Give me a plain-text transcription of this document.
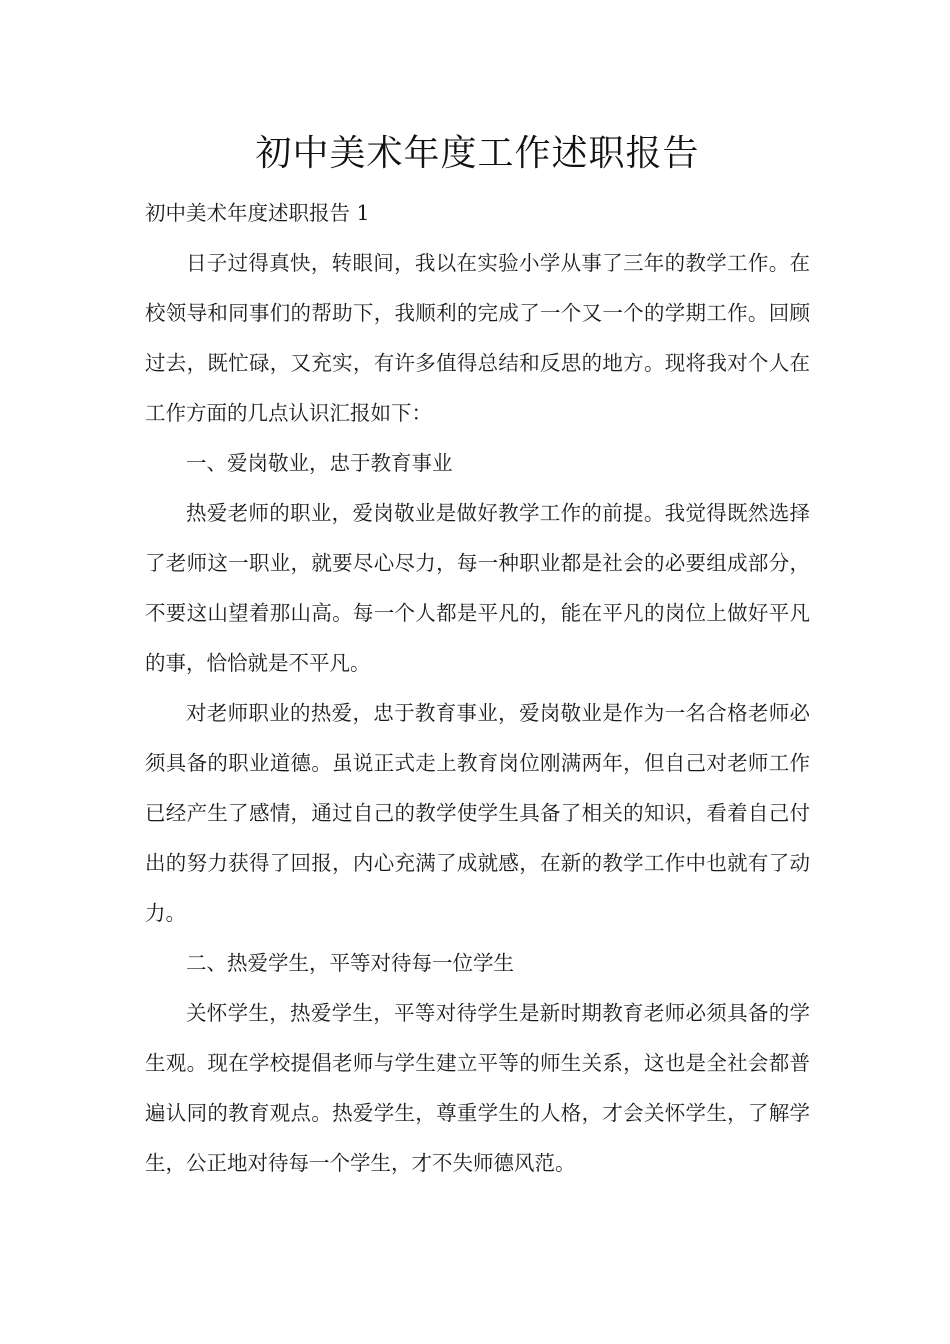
初中美术年度工作述职报告
初中美术年度述职报告 1

日子过得真快，转眼间，我以在实验小学从事了三年的教学工作。在校领导和同事们的帮助下，我顺利的完成了一个又一个的学期工作。回顾过去，既忙碌，又充实，有许多值得总结和反思的地方。现将我对个人在工作方面的几点认识汇报如下：

一、爱岗敬业，忠于教育事业

热爱老师的职业，爱岗敬业是做好教学工作的前提。我觉得既然选择了老师这一职业，就要尽心尽力，每一种职业都是社会的必要组成部分，不要这山望着那山高。每一个人都是平凡的，能在平凡的岗位上做好平凡的事，恰恰就是不平凡。

对老师职业的热爱，忠于教育事业，爱岗敬业是作为一名合格老师必须具备的职业道德。虽说正式走上教育岗位刚满两年，但自己对老师工作已经产生了感情，通过自己的教学使学生具备了相关的知识，看着自己付出的努力获得了回报，内心充满了成就感，在新的教学工作中也就有了动力。

二、热爱学生，平等对待每一位学生

关怀学生，热爱学生，平等对待学生是新时期教育老师必须具备的学生观。现在学校提倡老师与学生建立平等的师生关系，这也是全社会都普遍认同的教育观点。热爱学生，尊重学生的人格，才会关怀学生，了解学生，公正地对待每一个学生，才不失师德风范。
